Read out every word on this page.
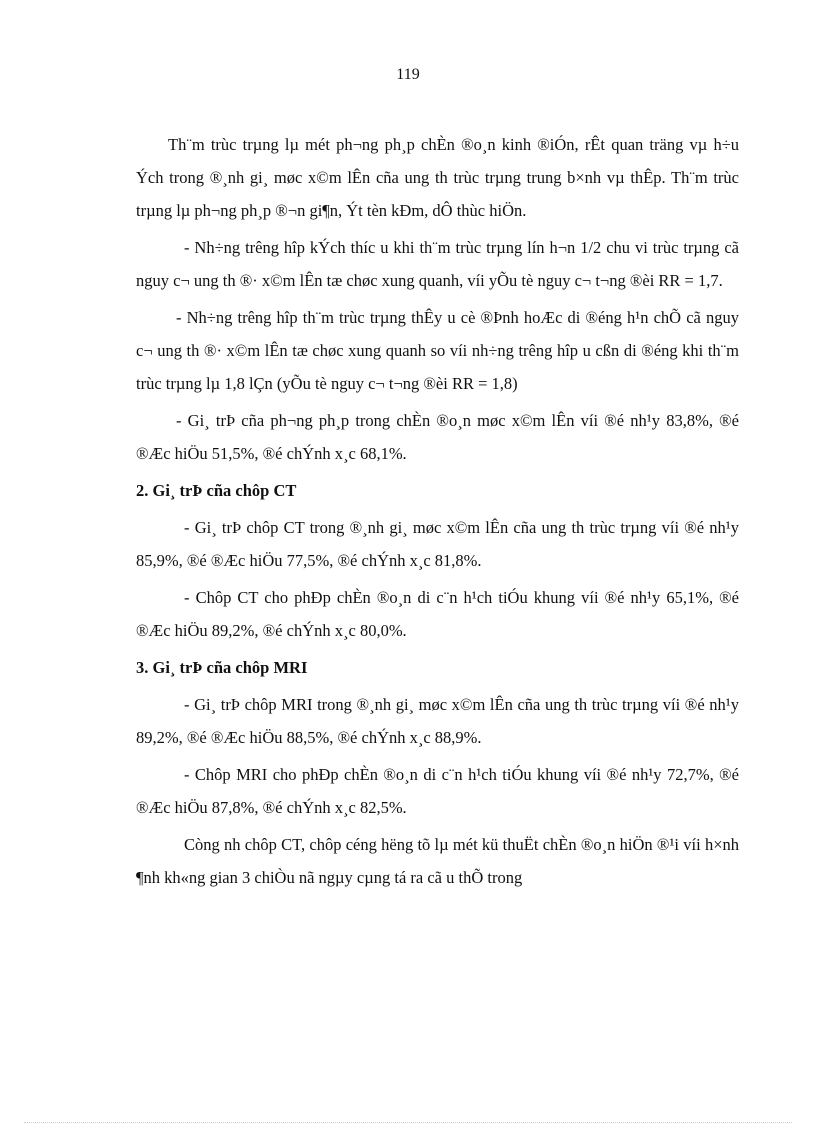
119

Th¨m trùc trµng lµ mét ph¬ng ph¸p chÈn ®o¸n kinh ®iÓn, rÊt quan träng vµ h÷u Ých trong ®¸nh gi¸ møc x©m lÊn cña ung th trùc trµng trung b×nh vµ thÊp. Th¨m trùc trµng lµ ph¬ng ph¸p ®¬n gi¶n, Ýt tèn kÐm, dÔ thùc hiÖn.

- Nh÷ng trêng hîp kÝch thíc u khi th¨m trùc trµng lín h¬n 1/2 chu vi trùc trµng cã nguy c¬ ung th ®· x©m lÊn tæ chøc xung quanh, víi yÕu tè nguy c¬ t¬ng ®èi RR = 1,7.

- Nh÷ng trêng hîp th¨m trùc trµng thÊy u cè ®Þnh hoÆc di ®éng h¹n chÕ cã nguy c¬ ung th ®· x©m lÊn tæ chøc xung quanh so víi nh÷ng trêng hîp u cßn di ®éng khi th¨m trùc trµng lµ 1,8 lÇn (yÕu tè nguy c¬ t¬ng ®èi RR = 1,8)

- Gi¸ trÞ cña ph¬ng ph¸p trong chÈn ®o¸n møc x©m lÊn víi ®é nh¹y 83,8%, ®é ®Æc hiÖu 51,5%, ®é chÝnh x¸c 68,1%.

2. Gi¸ trÞ cña chôp CT

- Gi¸ trÞ chôp CT trong ®¸nh gi¸ møc x©m lÊn cña ung th trùc trµng víi ®é nh¹y 85,9%, ®é ®Æc hiÖu 77,5%, ®é chÝnh x¸c 81,8%.

- Chôp CT cho phÐp chÈn ®o¸n di c¨n h¹ch tiÓu khung víi ®é nh¹y 65,1%, ®é ®Æc hiÖu 89,2%, ®é chÝnh x¸c 80,0%.

3. Gi¸ trÞ cña chôp MRI

- Gi¸ trÞ chôp MRI trong ®¸nh gi¸ møc x©m lÊn cña ung th trùc trµng víi ®é nh¹y 89,2%, ®é ®Æc hiÖu 88,5%, ®é chÝnh x¸c 88,9%.

- Chôp MRI cho phÐp chÈn ®o¸n di c¨n h¹ch tiÓu khung víi ®é nh¹y 72,7%, ®é ®Æc hiÖu 87,8%, ®é chÝnh x¸c 82,5%.

Còng nh chôp CT, chôp céng hëng tõ lµ mét kü thuËt chÈn ®o¸n hiÖn ®¹i víi h×nh ¶nh kh«ng gian 3 chiÒu nã ngµy cµng tá ra cã u thÕ trong
